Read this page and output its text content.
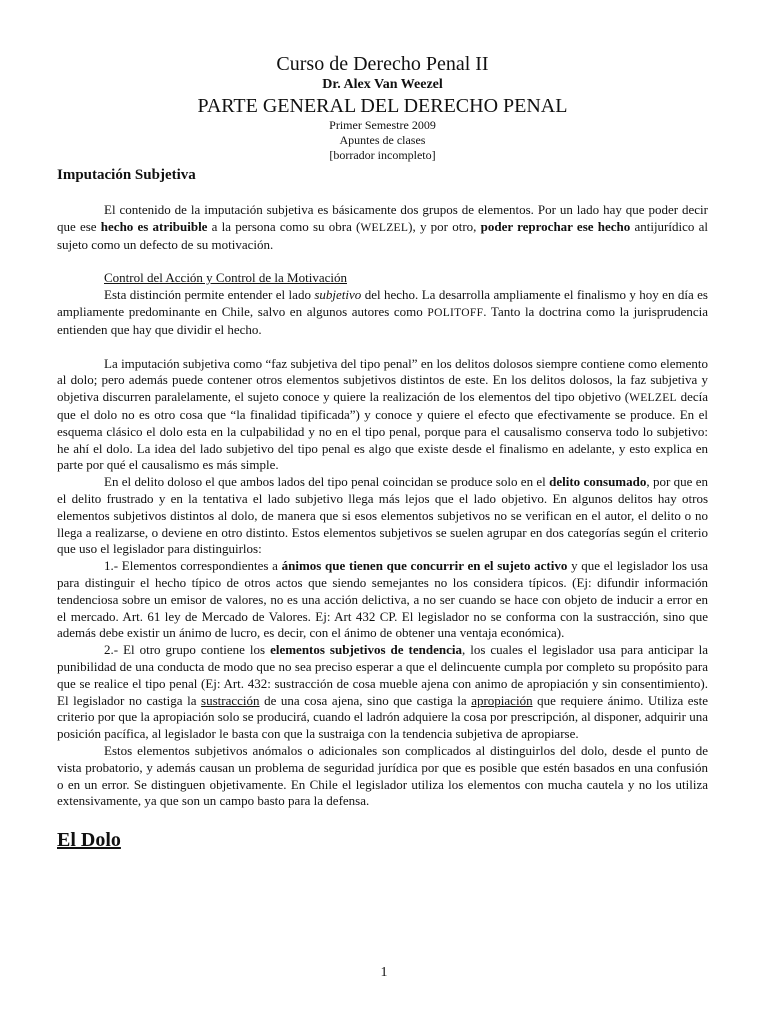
Curso de Derecho Penal II

Dr. Alex Van Weezel

PARTE GENERAL DEL DERECHO PENAL

Primer Semestre 2009

Apuntes de clases

[borrador incompleto]

Imputación Subjetiva

El contenido de la imputación subjetiva es básicamente dos grupos de elementos. Por un lado hay que poder decir que ese hecho es atribuible a la persona como su obra (WELZEL), y por otro, poder reprochar ese hecho antijurídico al sujeto como un defecto de su motivación.

Control del Acción y Control de la Motivación

Esta distinción permite entender el lado subjetivo del hecho. La desarrolla ampliamente el finalismo y hoy en día es ampliamente predominante en Chile, salvo en algunos autores como POLITOFF. Tanto la doctrina como la jurisprudencia entienden que hay que dividir el hecho.

La imputación subjetiva como “faz subjetiva del tipo penal” en los delitos dolosos siempre contiene como elemento al dolo; pero además puede contener otros elementos subjetivos distintos de este. En los delitos dolosos, la faz subjetiva y objetiva discurren paralelamente, el sujeto conoce y quiere la realización de los elementos del tipo objetivo (WELZEL decía que el dolo no es otro cosa que “la finalidad tipificada”) y conoce y quiere el efecto que efectivamente se produce. En el esquema clásico el dolo esta en la culpabilidad y no en el tipo penal, porque para el causalismo conserva todo lo subjetivo: he ahí el dolo. La idea del lado subjetivo del tipo penal es algo que existe desde el finalismo en adelante, y esto explica en parte por qué el causalismo es más simple.

En el delito doloso el que ambos lados del tipo penal coincidan se produce solo en el delito consumado, por que en el delito frustrado y en la tentativa el lado subjetivo llega más lejos que el lado objetivo. En algunos delitos hay otros elementos subjetivos distintos al dolo, de manera que si esos elementos subjetivos no se verifican en el autor, el delito o no llega a realizarse, o deviene en otro distinto. Estos elementos subjetivos se suelen agrupar en dos categorías según el criterio que uso el legislador para distinguirlos:

1.- Elementos correspondientes a ánimos que tienen que concurrir en el sujeto activo y que el legislador los usa para distinguir el hecho típico de otros actos que siendo semejantes no los considera típicos. (Ej: difundir información tendenciosa sobre un emisor de valores, no es una acción delictiva, a no ser cuando se hace con objeto de inducir a error en el mercado. Art. 61 ley de Mercado de Valores. Ej: Art 432 CP. El legislador no se conforma con la sustracción, sino que además debe existir un ánimo de lucro, es decir, con el ánimo de obtener una ventaja económica).

2.- El otro grupo contiene los elementos subjetivos de tendencia, los cuales el legislador usa para anticipar la punibilidad de una conducta de modo que no sea preciso esperar a que el delincuente cumpla por completo su propósito para que se realice el tipo penal (Ej: Art. 432: sustracción de cosa mueble ajena con animo de apropiación y sin consentimiento). El legislador no castiga la sustracción de una cosa ajena, sino que castiga la apropiación que requiere ánimo. Utiliza este criterio por que la apropiación solo se producirá, cuando el ladrón adquiere la cosa por prescripción, al disponer, adquirir una posición pacífica, al legislador le basta con que la sustraiga con la tendencia subjetiva de apropiarse.

Estos elementos subjetivos anómalos o adicionales son complicados al distinguirlos del dolo, desde el punto de vista probatorio, y además causan un problema de seguridad jurídica por que es posible que estén basados en una confusión o en un error. Se distinguen objetivamente. En Chile el legislador utiliza los elementos con mucha cautela y no los utiliza extensivamente, ya que son un campo basto para la defensa.

El Dolo
1
